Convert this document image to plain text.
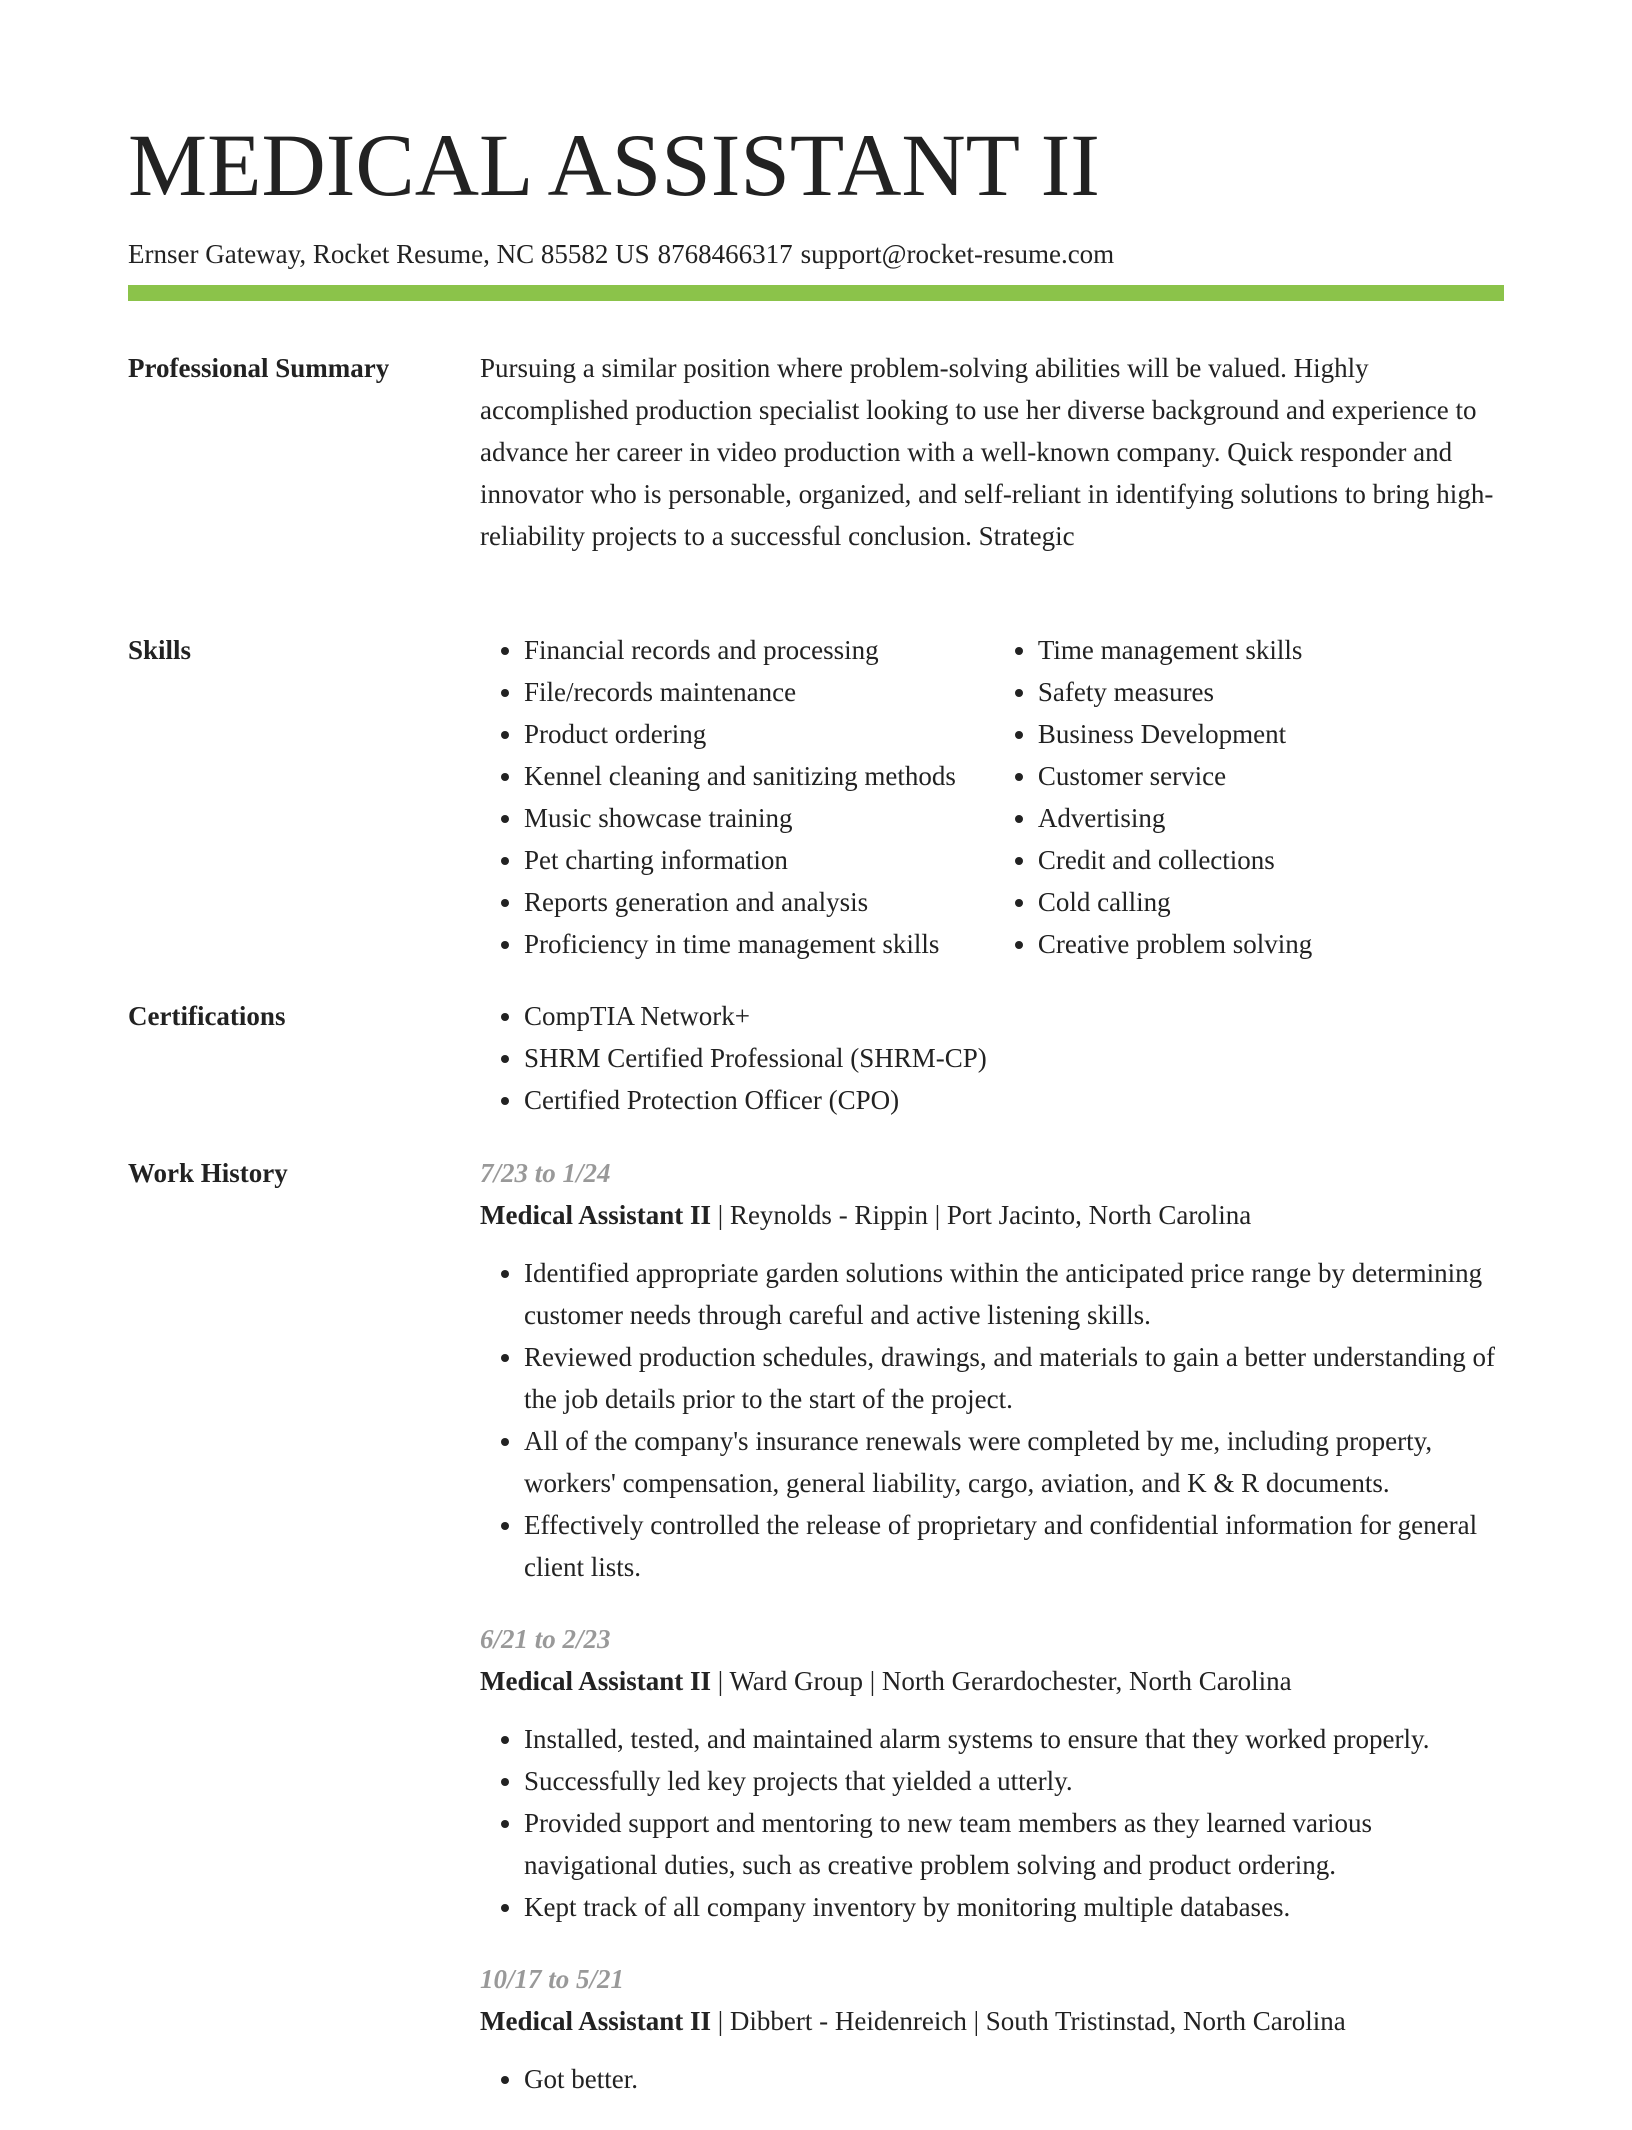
MEDICAL ASSISTANT II
Ernser Gateway, Rocket Resume, NC 85582 US 8768466317 support@rocket-resume.com
Professional Summary	Pursuing a similar position where problem-solving abilities will be valued. Highly accomplished production specialist looking to use her diverse background and experience to advance her career in video production with a well-known company. Quick responder and innovator who is personable, organized, and self-reliant in identifying solutions to bring high-reliability projects to a successful conclusion. Strategic

Skills	• Financial records and processing
• File/records maintenance
• Product ordering
• Kennel cleaning and sanitizing methods
• Music showcase training
• Pet charting information
• Reports generation and analysis
• Proficiency in time management skills
• Time management skills
• Safety measures
• Business Development
• Customer service
• Advertising
• Credit and collections
• Cold calling
• Creative problem solving
Certifications	• CompTIA Network+
• SHRM Certified Professional (SHRM-CP)
• Certified Protection Officer (CPO)
Work History	7/23 to 1/24
Medical Assistant II | Reynolds - Rippin | Port Jacinto, North Carolina
• Identified appropriate garden solutions within the anticipated price range by determining customer needs through careful and active listening skills.
• Reviewed production schedules, drawings, and materials to gain a better understanding of the job details prior to the start of the project.
• All of the company's insurance renewals were completed by me, including property, workers' compensation, general liability, cargo, aviation, and K & R documents.
• Effectively controlled the release of proprietary and confidential information for general client lists.
6/21 to 2/23
Medical Assistant II | Ward Group | North Gerardochester, North Carolina
• Installed, tested, and maintained alarm systems to ensure that they worked properly.
• Successfully led key projects that yielded a utterly.
• Provided support and mentoring to new team members as they learned various navigational duties, such as creative problem solving and product ordering.
• Kept track of all company inventory by monitoring multiple databases.
10/17 to 5/21
Medical Assistant II | Dibbert - Heidenreich | South Tristinstad, North Carolina
• Got better.
